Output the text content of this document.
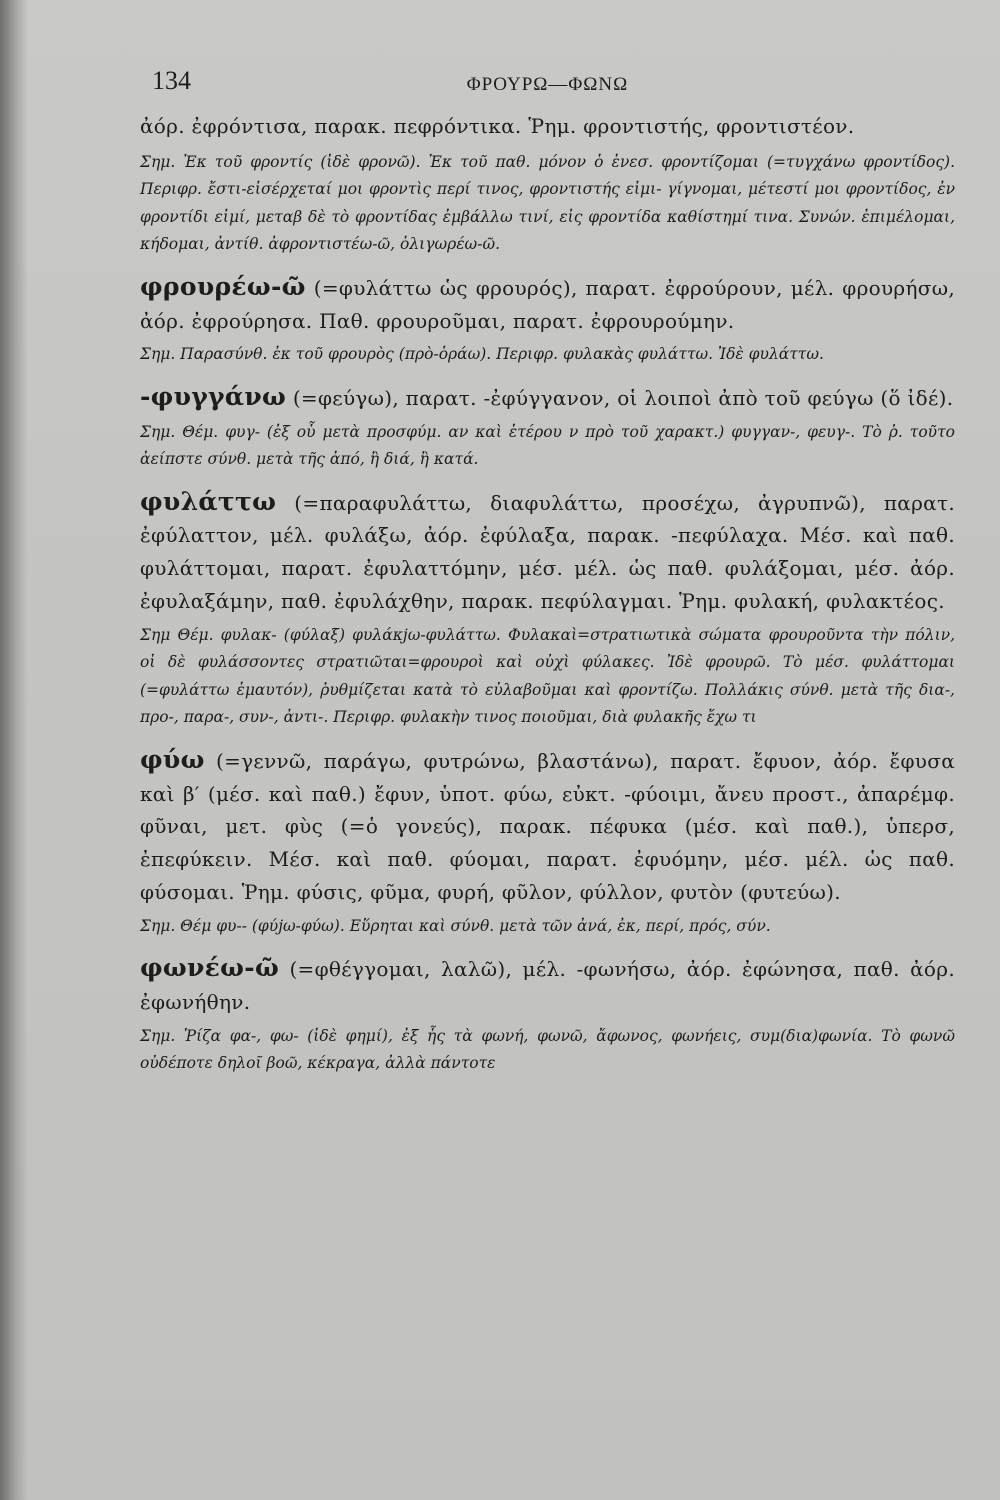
134	ΦΡΟΥΡΩ—ΦΩΝΩ

ἀόρ. ἐφρόντισα, παρακ. πεφρόντικα. Ῥημ. φροντιστής, φροντιστέον.

Σημ. Ἐκ τοῦ φροντίς (ἰδὲ φρονῶ). Ἐκ τοῦ παθ. μόνον ὁ ἐνεσ. φροντίζομαι (=τυγχάνω φροντίδος). Περιφρ. ἔστι-εἰσέρχεταί μοι φροντὶς περί τινος, φροντιστής εἰμι- γίγνομαι, μέτεστί μοι φροντίδος, ἐν φροντίδι εἰμί, μεταβ δὲ τὸ φροντίδας ἐμβάλλω τινί, εἰς φροντίδα καθίστημί τινα. Συνών. ἐπιμέλομαι, κήδομαι, ἀντίθ. ἀφροντιστέω-ῶ, ὀλιγωρέω-ῶ.

φρουρέω-ῶ (=φυλάττω ὡς φρουρός), παρατ. ἐφρούρουν, μέλ. φρουρήσω, ἀόρ. ἐφρούρησα. Παθ. φρουροῦμαι, παρατ. ἐφρουρούμην.

Σημ. Παρασύνθ. ἐκ τοῦ φρουρὸς (πρὸ-ὁράω). Περιφρ. φυλακὰς φυλάττω. Ἰδὲ φυλάττω.

-φυγγάνω (=φεύγω), παρατ. -ἐφύγγανον, οἱ λοιποὶ ἀπὸ τοῦ φεύγω (ὅ ἰδέ).

Σημ. Θέμ. φυγ- (ἐξ οὗ μετὰ προσφύμ. αν καὶ ἑτέρου ν πρὸ τοῦ χαρακτ.) φυγγαν-, φευγ-. Τὸ ῥ. τοῦτο ἀείπστε σύνθ. μετὰ τῆς ἀπό, ἢ διά, ἢ κατά.

φυλάττω (=παραφυλάττω, διαφυλάττω, προσέχω, ἀγρυπνῶ), παρατ. ἐφύλαττον, μέλ. φυλάξω, ἀόρ. ἐφύλαξα, παρακ. -πεφύλαχα. Μέσ. καὶ παθ. φυλάττομαι, παρατ. ἐφυλαττόμην, μέσ. μέλ. ὡς παθ. φυλάξομαι, μέσ. ἀόρ. ἐφυλαξάμην, παθ. ἐφυλάχθην, παρακ. πεφύλαγμαι. Ῥημ. φυλακή, φυλακτέος.

Σημ Θέμ. φυλακ- (φύλαξ) φυλάκjω-φυλάττω. Φυλακαὶ=στρατιωτικὰ σώματα φρουροῦντα τὴν πόλιν, οἱ δὲ φυλάσσοντες στρατιῶται=φρουροὶ καὶ οὐχὶ φύλακες. Ἰδὲ φρουρῶ. Τὸ μέσ. φυλάττομαι (=φυλάττω ἐμαυτόν), ῥυθμίζεται κατὰ τὸ εὐλαβοῦμαι καὶ φροντίζω. Πολλάκις σύνθ. μετὰ τῆς δια-, προ-, παρα-, συν-, ἀντι-. Περιφρ. φυλακὴν τινος ποιοῦμαι, διὰ φυλακῆς ἔχω τι

φύω (=γεννῶ, παράγω, φυτρώνω, βλαστάνω), παρατ. ἔφυον, ἀόρ. ἔφυσα καὶ β′ (μέσ. καὶ παθ.) ἔφυν, ὑποτ. φύω, εὐκτ. -φύοιμι, ἄνευ προστ., ἀπαρέμφ. φῦναι, μετ. φὺς (=ὁ γονεύς), παρακ. πέφυκα (μέσ. καὶ παθ.), ὑπερσ, ἐπεφύκειν. Μέσ. καὶ παθ. φύομαι, παρατ. ἐφυόμην, μέσ. μέλ. ὡς παθ. φύσομαι. Ῥημ. φύσις, φῦμα, φυρή, φῦλον, φύλλον, φυτὸν (φυτεύω).

Σημ. Θέμ φυ-- (φύjω-φύω). Εὕρηται καὶ σύνθ. μετὰ τῶν ἀνά, ἐκ, περί, πρός, σύν.

φωνέω-ῶ (=φθέγγομαι, λαλῶ), μέλ. -φωνήσω, ἀόρ. ἐφώνησα, παθ. ἀόρ. ἐφωνήθην.

Σημ. Ῥίζα φα-, φω- (ἰδὲ φημί), ἐξ ἧς τὰ φωνή, φωνῶ, ἄφωνος, φωνήεις, συμ(δια)φωνία. Τὸ φωνῶ οὐδέποτε δηλοῖ βοῶ, κέκραγα, ἀλλὰ πάντοτε
